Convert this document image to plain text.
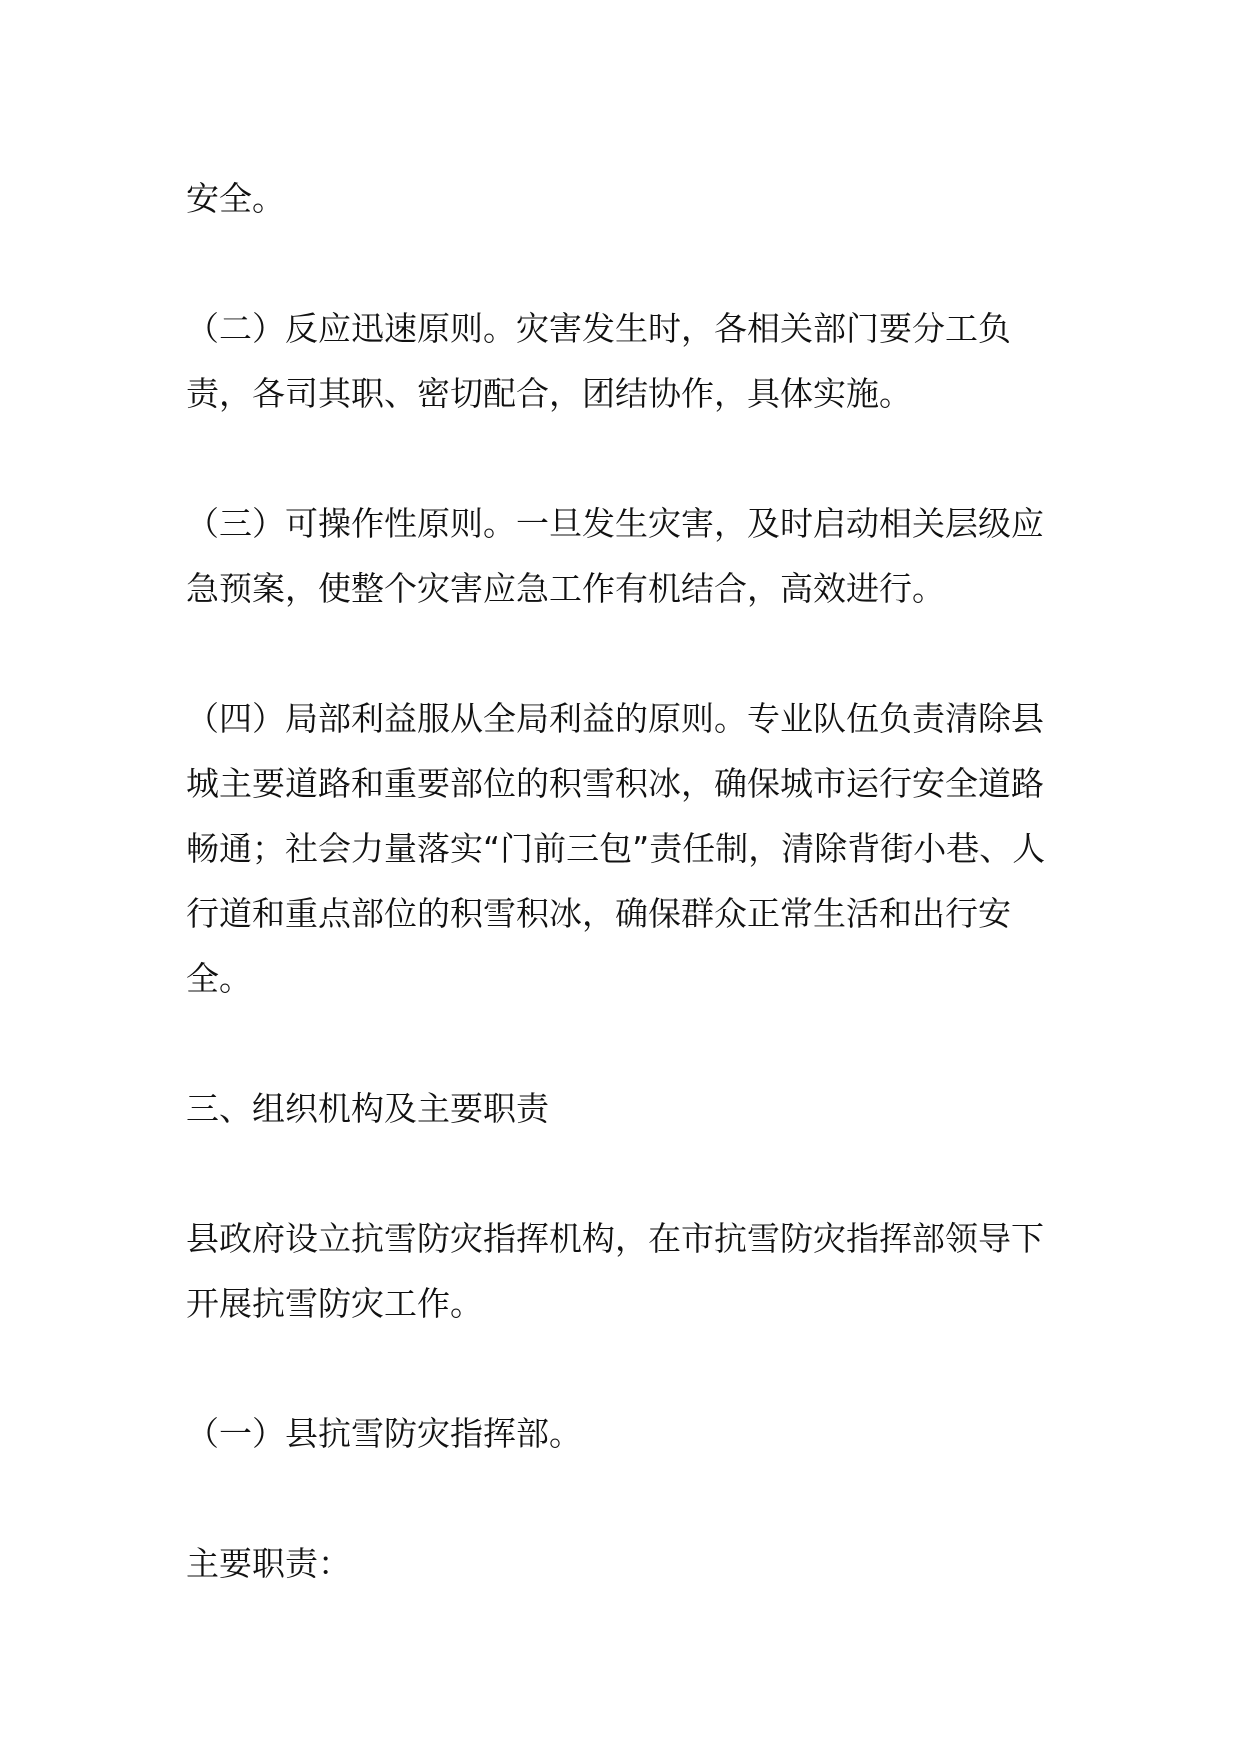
安全。

（二）反应迅速原则。灾害发生时，各相关部门要分工负责，各司其职、密切配合，团结协作，具体实施。

（三）可操作性原则。一旦发生灾害，及时启动相关层级应急预案，使整个灾害应急工作有机结合，高效进行。

（四）局部利益服从全局利益的原则。专业队伍负责清除县城主要道路和重要部位的积雪积冰，确保城市运行安全道路畅通；社会力量落实“门前三包”责任制，清除背街小巷、人行道和重点部位的积雪积冰，确保群众正常生活和出行安全。

三、组织机构及主要职责

县政府设立抗雪防灾指挥机构，在市抗雪防灾指挥部领导下开展抗雪防灾工作。

（一）县抗雪防灾指挥部。

主要职责：
